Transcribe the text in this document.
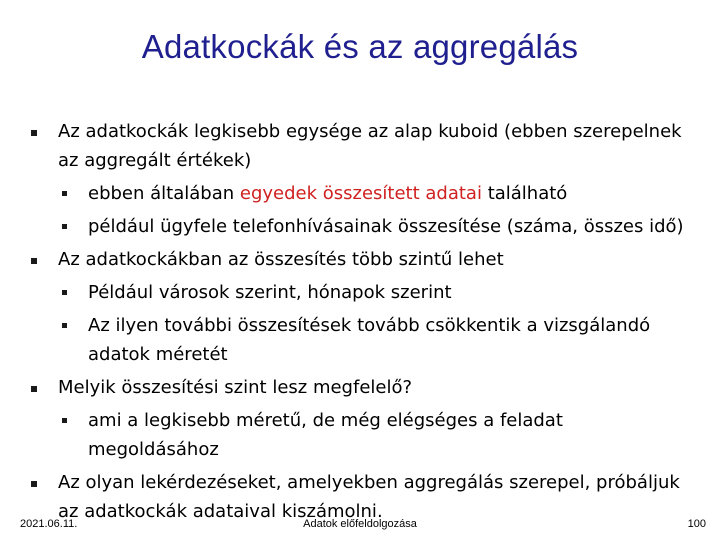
Adatkockák és az aggregálás
Az adatkockák legkisebb egysége az alap kuboid (ebben szerepelnek az aggregált értékek)
ebben általában egyedek összesített adatai található
például ügyfele telefonhívásainak összesítése (száma, összes idő)
Az adatkockákban az összesítés több szintű lehet
Például városok szerint, hónapok szerint
Az ilyen további összesítések tovább csökkentik a vizsgálandó adatok méretét
Melyik összesítési szint lesz megfelelő?
ami a legkisebb méretű, de még elégséges a feladat megoldásához
Az olyan lekérdezéseket, amelyekben aggregálás szerepel, próbáljuk az adatkockák adataival kiszámolni.
2021.06.11.	Adatok előfeldolgozása	100
